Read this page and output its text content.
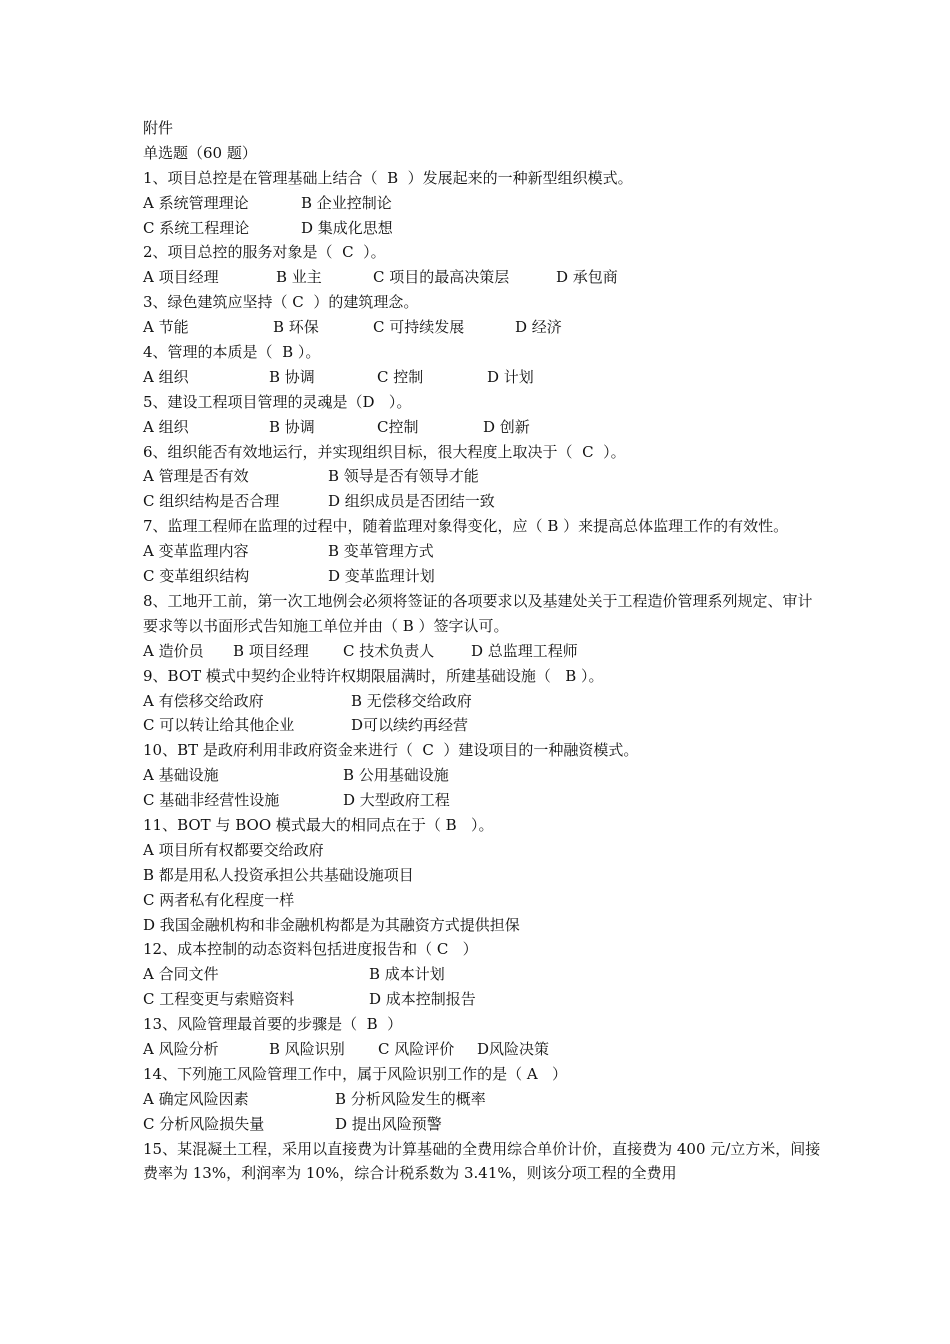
附件
单选题（60 题）
1、项目总控是在管理基础上结合（  B  ）发展起来的一种新型组织模式。

A 系统管理理论

	B 企业控制论

C 系统工程理论

	D 集成化思想

2、项目总控的服务对象是（  C  ）。

A 项目经理

	B 业主

	C 项目的最高决策层

	D 承包商

3、绿色建筑应坚持（ C  ）的建筑理念。

A 节能

	B 环保

	C 可持续发展

	D 经济

4、管理的本质是（  B ）。

A 组织

	B 协调

	C 控制

	D 计划

5、建设工程项目管理的灵魂是（D   ）。

A 组织

	B 协调

	C控制

	D 创新

6、组织能否有效地运行，并实现组织目标，很大程度上取决于（  C  ）。

A 管理是否有效

	B 领导是否有领导才能

C 组织结构是否合理

	D 组织成员是否团结一致

7、监理工程师在监理的过程中，随着监理对象得变化，应（ B ）来提高总体监理工作的有效性。

A 变革监理内容

	B 变革管理方式

C 变革组织结构

	D 变革监理计划

8、工地开工前，第一次工地例会必须将签证的各项要求以及基建处关于工程造价管理系列规定、审计要求等以书面形式告知施工单位并由（ B ）签字认可。

A 造价员

B 项目经理

C 技术负责人

D 总监理工程师

9、BOT 模式中契约企业特许权期限届满时，所建基础设施（   B ）。

A 有偿移交给政府

	B 无偿移交给政府

C 可以转让给其他企业

	D可以续约再经营

10、BT 是政府利用非政府资金来进行（  C  ）建设项目的一种融资模式。

A 基础设施

	B 公用基础设施

C 基础非经营性设施

	D 大型政府工程

11、BOT 与 BOO 模式最大的相同点在于（ B   ）。
A 项目所有权都要交给政府
B 都是用私人投资承担公共基础设施项目
C 两者私有化程度一样
D 我国金融机构和非金融机构都是为其融资方式提供担保
12、成本控制的动态资料包括进度报告和（ C   ）

A 合同文件

	B 成本计划

C 工程变更与索赔资料

	D 成本控制报告

13、风险管理最首要的步骤是（  B  ）

A 风险分析

	B 风险识别

C 风险评价

D风险决策

14、下列施工风险管理工作中，属于风险识别工作的是（ A   ）

A 确定风险因素

	B 分析风险发生的概率

C 分析风险损失量

	D 提出风险预警

15、某混凝土工程，采用以直接费为计算基础的全费用综合单价计价，直接费为 400 元/立方米，间接费率为 13%，利润率为 10%，综合计税系数为 3.41%，则该分项工程的全费用
